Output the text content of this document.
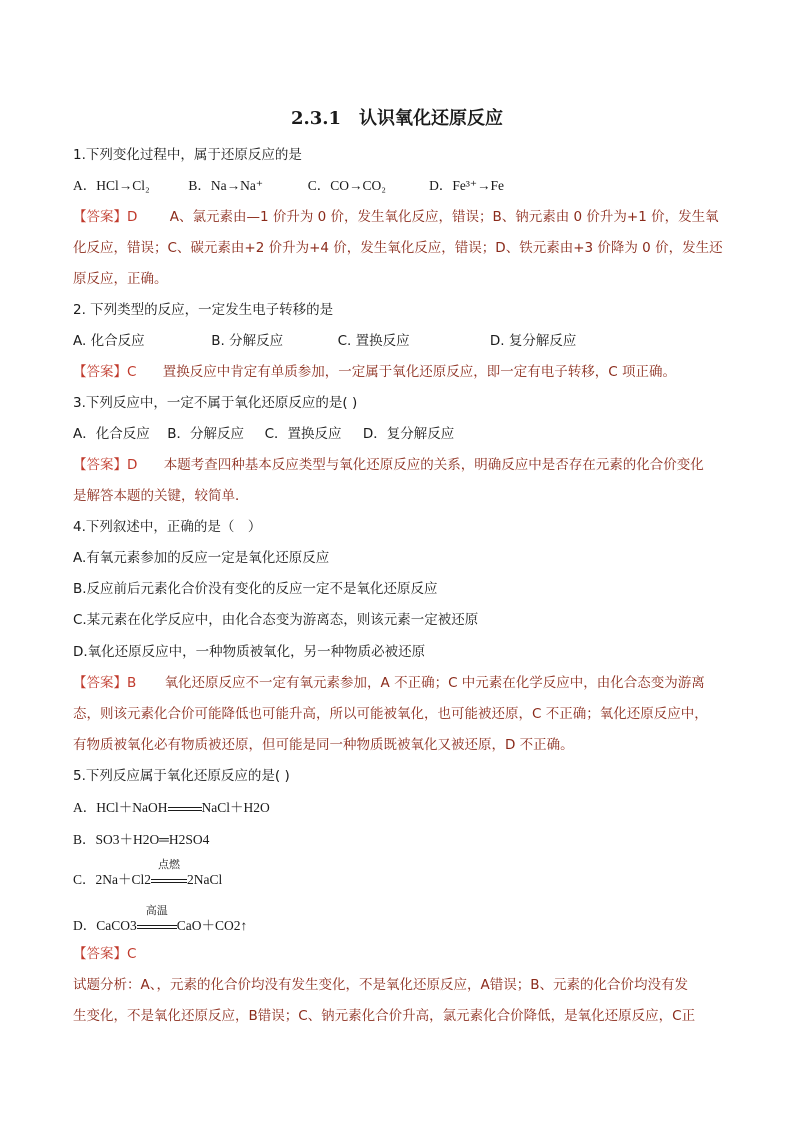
2.3.1　认识氧化还原反应
1.下列变化过程中，属于还原反应的是
A．HCl→Cl₂	B．Na→Na⁺	C．CO→CO₂	D．Fe³⁺→Fe
【答案】D A、氯元素由—1 价升为 0 价，发生氧化反应，错误；B、钠元素由 0 价升为+1 价，发生氧
化反应，错误；C、碳元素由+2 价升为+4 价，发生氧化反应，错误；D、铁元素由+3 价降为 0 价，发生还
原反应，正确。
2. 下列类型的反应，一定发生电子转移的是
A. 化合反应	B. 分解反应	C. 置换反应	D. 复分解反应
【答案】C 置换反应中肯定有单质参加，一定属于氧化还原反应，即一定有电子转移，C 项正确。
3.下列反应中，一定不属于氧化还原反应的是( )
A．化合反应 B．分解反应 C．置换反应 D．复分解反应
【答案】D 本题考查四种基本反应类型与氧化还原反应的关系，明确反应中是否存在元素的化合价变化
是解答本题的关键，较简单．
4.下列叙述中，正确的是（　）
A.有氧元素参加的反应一定是氧化还原反应
B.反应前后元素化合价没有变化的反应一定不是氧化还原反应
C.某元素在化学反应中，由化合态变为游离态，则该元素一定被还原
D.氧化还原反应中，一种物质被氧化，另一种物质必被还原
【答案】B 氧化还原反应不一定有氧元素参加，A 不正确；C 中元素在化学反应中，由化合态变为游离
态，则该元素化合价可能降低也可能升高，所以可能被氧化，也可能被还原，C 不正确；氧化还原反应中，
有物质被氧化必有物质被还原，但可能是同一种物质既被氧化又被还原，D 不正确。
5.下列反应属于氧化还原反应的是( )
A．HCl＋NaOH	NaCl＋H2O
B．SO3＋H2O═H2SO4
C．2Na＋Cl2
点燃
2NaCl
D．CaCO3
高温
CaO＋CO2↑
【答案】C
试题分析：A、，元素的化合价均没有发生变化，不是氧化还原反应，A错误；B、元素的化合价均没有发
生变化，不是氧化还原反应，B错误；C、钠元素化合价升高，氯元素化合价降低，是氧化还原反应，C正
